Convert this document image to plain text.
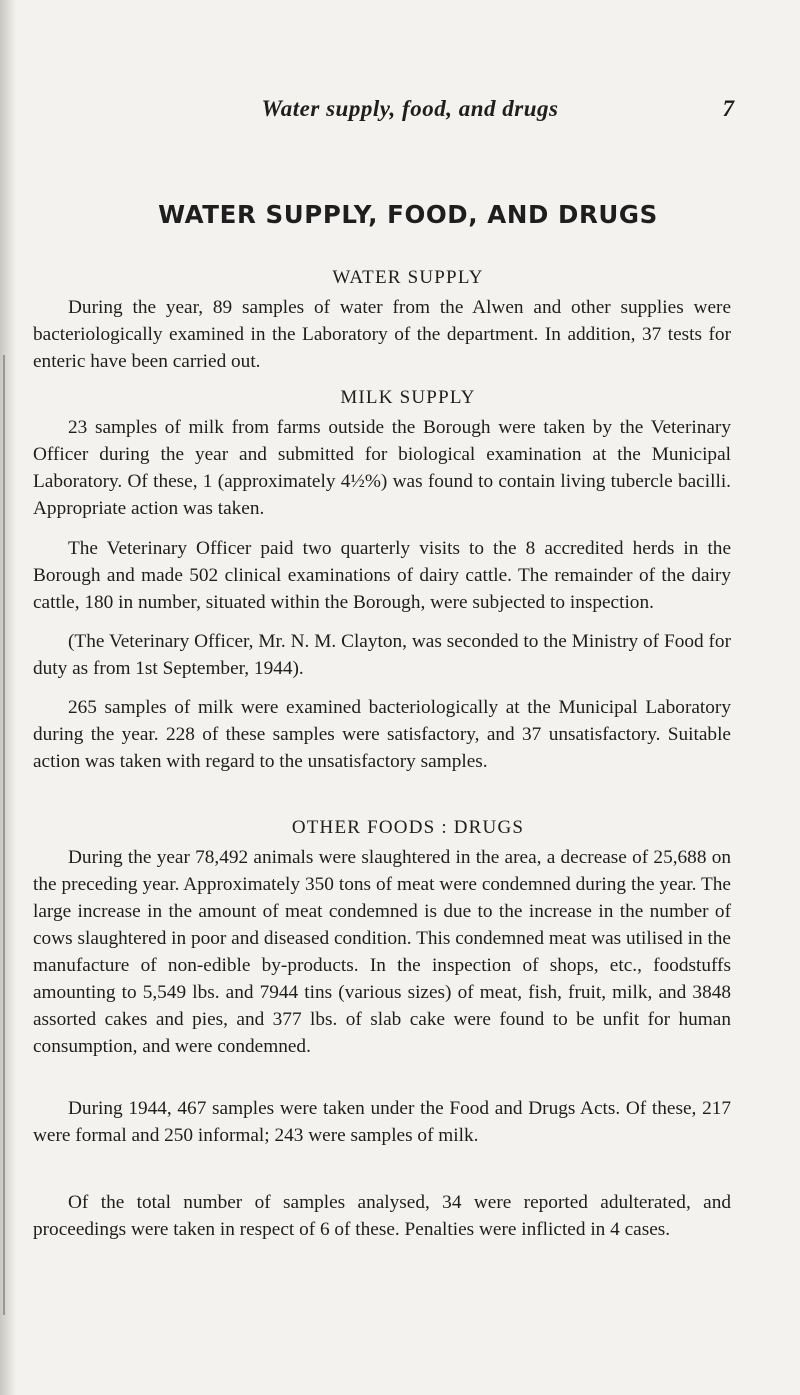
Water supply, food, and drugs	7
WATER SUPPLY, FOOD, AND DRUGS
WATER SUPPLY

During the year, 89 samples of water from the Alwen and other supplies were bacteriologically examined in the Laboratory of the department. In addition, 37 tests for enteric have been carried out.

MILK SUPPLY

23 samples of milk from farms outside the Borough were taken by the Veterinary Officer during the year and submitted for biological examination at the Municipal Laboratory. Of these, 1 (approximately 4½%) was found to contain living tubercle bacilli. Appropriate action was taken.

The Veterinary Officer paid two quarterly visits to the 8 accredited herds in the Borough and made 502 clinical examinations of dairy cattle. The remainder of the dairy cattle, 180 in number, situated within the Borough, were subjected to inspection.

(The Veterinary Officer, Mr. N. M. Clayton, was seconded to the Ministry of Food for duty as from 1st September, 1944).

265 samples of milk were examined bacteriologically at the Municipal Laboratory during the year. 228 of these samples were satisfactory, and 37 unsatisfactory. Suitable action was taken with regard to the unsatisfactory samples.

OTHER FOODS : DRUGS

During the year 78,492 animals were slaughtered in the area, a decrease of 25,688 on the preceding year. Approximately 350 tons of meat were condemned during the year. The large increase in the amount of meat condemned is due to the increase in the number of cows slaughtered in poor and diseased condition. This condemned meat was utilised in the manufacture of non-edible by-products. In the inspection of shops, etc., foodstuffs amounting to 5,549 lbs. and 7944 tins (various sizes) of meat, fish, fruit, milk, and 3848 assorted cakes and pies, and 377 lbs. of slab cake were found to be unfit for human consumption, and were condemned.

During 1944, 467 samples were taken under the Food and Drugs Acts. Of these, 217 were formal and 250 informal; 243 were samples of milk.

Of the total number of samples analysed, 34 were reported adulterated, and proceedings were taken in respect of 6 of these. Penalties were inflicted in 4 cases.
